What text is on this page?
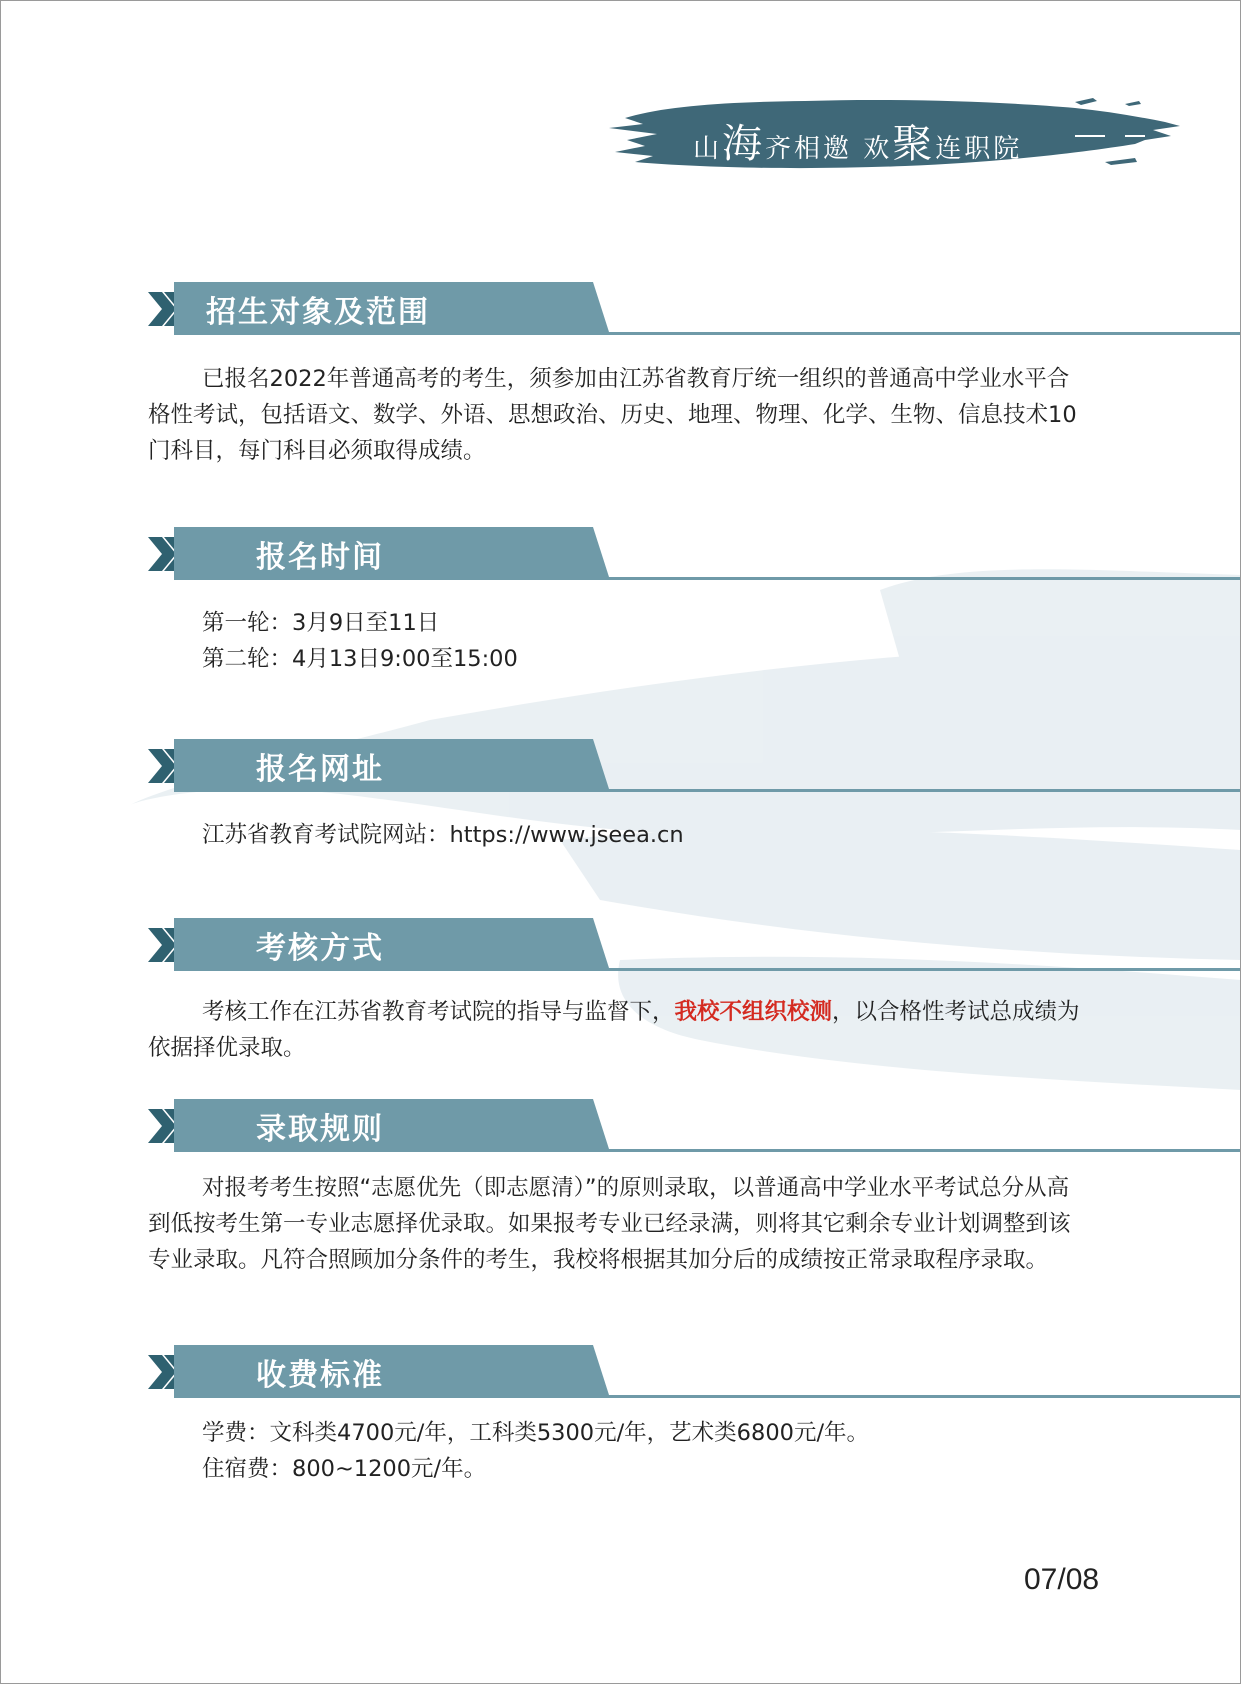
山海齐相邀 欢聚连职院
招生对象及范围

已报名2022年普通高考的考生，须参加由江苏省教育厅统一组织的普通高中学业水平合格性考试，包括语文、数学、外语、思想政治、历史、地理、物理、化学、生物、信息技术10门科目，每门科目必须取得成绩。

报名时间
第一轮：3月9日至11日
第二轮：4月13日9:00至15:00
报名网址
江苏省教育考试院网站：https://www.jseea.cn
考核方式

考核工作在江苏省教育考试院的指导与监督下，我校不组织校测，以合格性考试总成绩为依据择优录取。

录取规则

对报考考生按照“志愿优先（即志愿清）”的原则录取，以普通高中学业水平考试总分从高到低按考生第一专业志愿择优录取。如果报考专业已经录满，则将其它剩余专业计划调整到该专业录取。凡符合照顾加分条件的考生，我校将根据其加分后的成绩按正常录取程序录取。

收费标准
学费：文科类4700元/年，工科类5300元/年，艺术类6800元/年。
住宿费：800~1200元/年。
07/08
